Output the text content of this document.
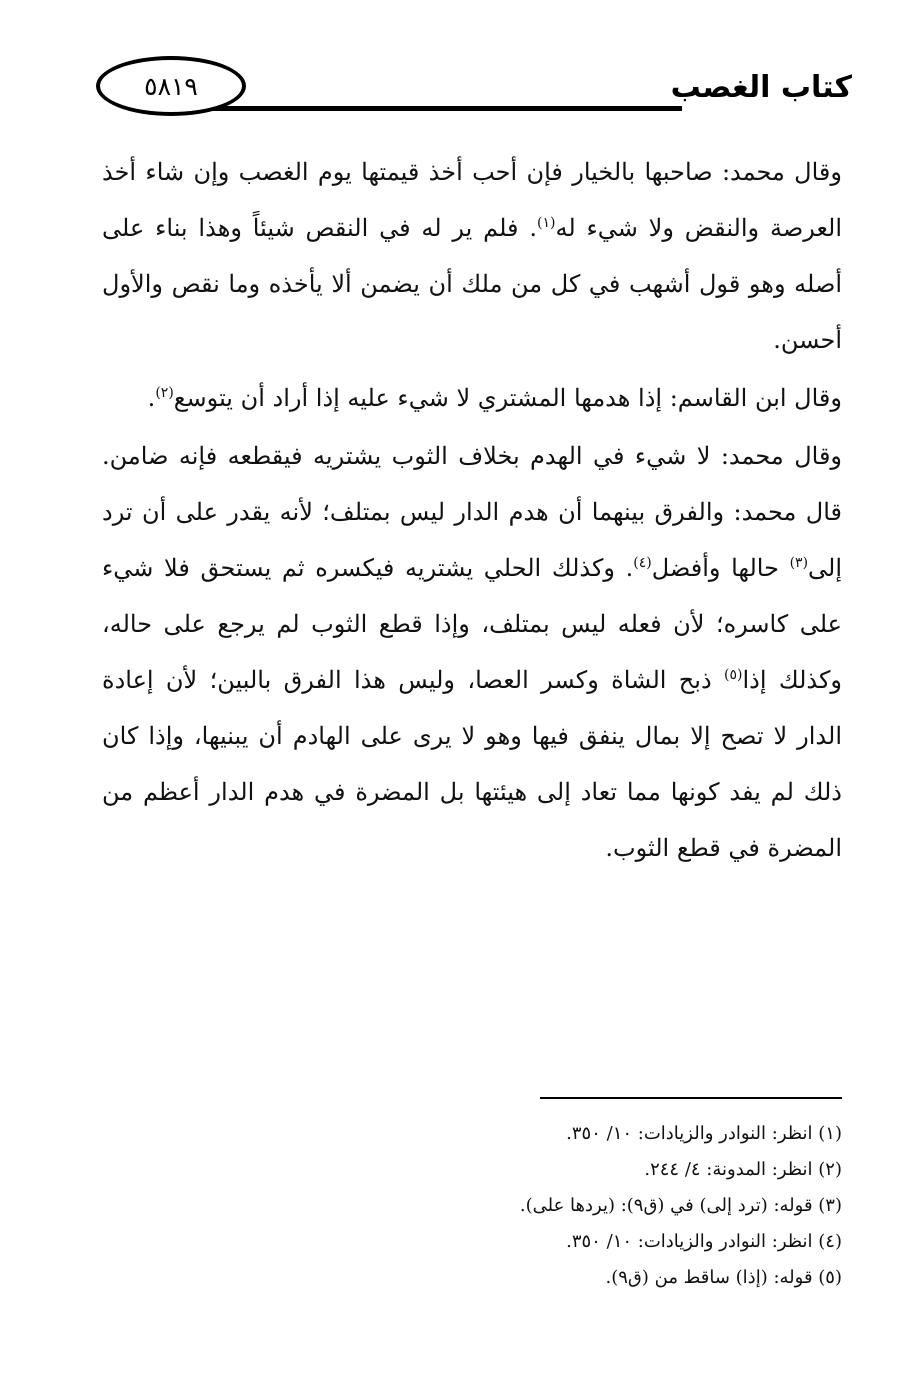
كتاب الغصب
٥٨١٩

وقال محمد: صاحبها بالخيار فإن أحب أخذ قيمتها يوم الغصب وإن شاء أخذ العرصة والنقض ولا شيء له$^{(١)}$. فلم ير له في النقص شيئاً وهذا بناء على أصله وهو قول أشهب في كل من ملك أن يضمن ألا يأخذه وما نقص والأول أحسن.

وقال ابن القاسم: إذا هدمها المشتري لا شيء عليه إذا أراد أن يتوسع$^{(٢)}$.

وقال محمد: لا شيء في الهدم بخلاف الثوب يشتريه فيقطعه فإنه ضامن. قال محمد: والفرق بينهما أن هدم الدار ليس بمتلف؛ لأنه يقدر على أن ترد إلى$^{(٣)}$ حالها وأفضل$^{(٤)}$. وكذلك الحلي يشتريه فيكسره ثم يستحق فلا شيء على كاسره؛ لأن فعله ليس بمتلف، وإذا قطع الثوب لم يرجع على حاله، وكذلك إذا$^{(٥)}$ ذبح الشاة وكسر العصا، وليس هذا الفرق بالبين؛ لأن إعادة الدار لا تصح إلا بمال ينفق فيها وهو لا يرى على الهادم أن يبنيها، وإذا كان ذلك لم يفد كونها مما تعاد إلى هيئتها بل المضرة في هدم الدار أعظم من المضرة في قطع الثوب.

(١) انظر: النوادر والزيادات: ١٠/ ٣٥٠.

(٢) انظر: المدونة: ٤/ ٢٤٤.

(٣) قوله: (ترد إلى) في (ق٩): (يردها على).

(٤) انظر: النوادر والزيادات: ١٠/ ٣٥٠.

(٥) قوله: (إذا) ساقط من (ق٩).
